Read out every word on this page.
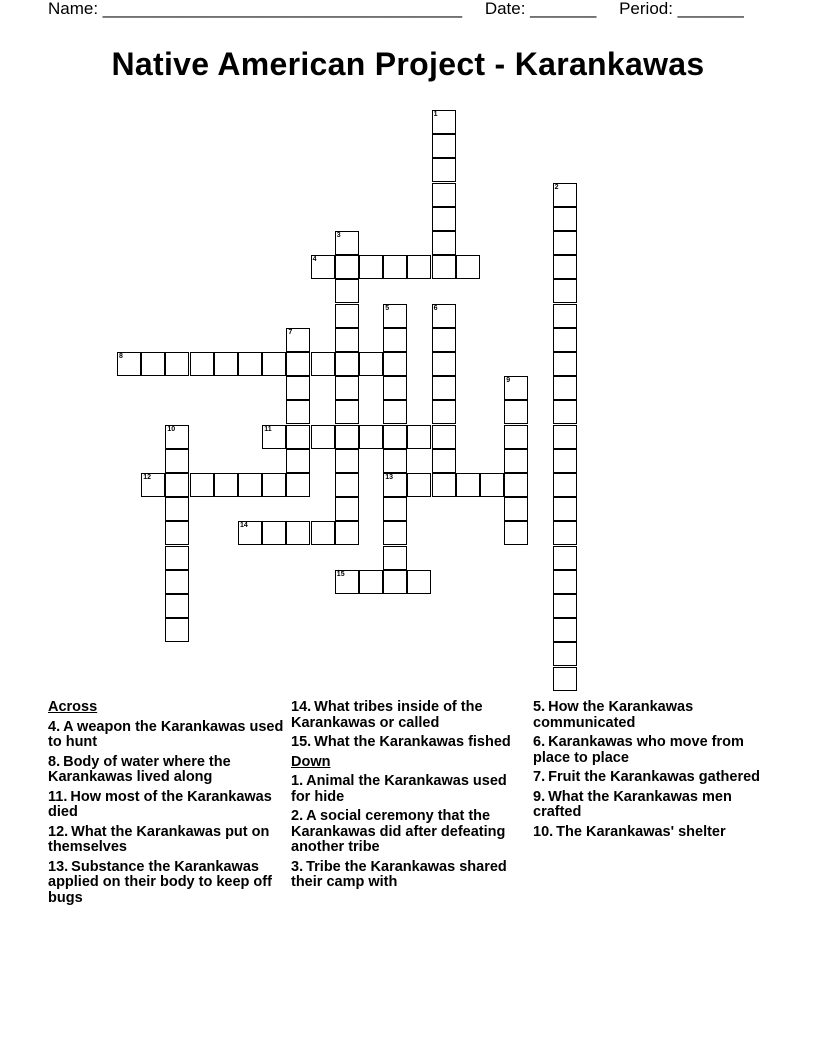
Name: ______________________________________ Date: _______ Period: _______
Native American Project - Karankawas
1
2
3
4
5
13
6
7
8
9
10	11
12
14
15
Across
4. A weapon the Karankawas used to hunt
8. Body of water where the Karankawas lived along
11. How most of the Karankawas died
12. What the Karankawas put on themselves
13. Substance the Karankawas applied on their body to keep off bugs
14. What tribes inside of the Karankawas or called
15. What the Karankawas fished
Down
1. Animal the Karankawas used for hide
2. A social ceremony that the Karankawas did after defeating another tribe
3. Tribe the Karankawas shared their camp with
5. How the Karankawas communicated
6. Karankawas who move from place to place
7. Fruit the Karankawas gathered
9. What the Karankawas men crafted
10. The Karankawas' shelter
